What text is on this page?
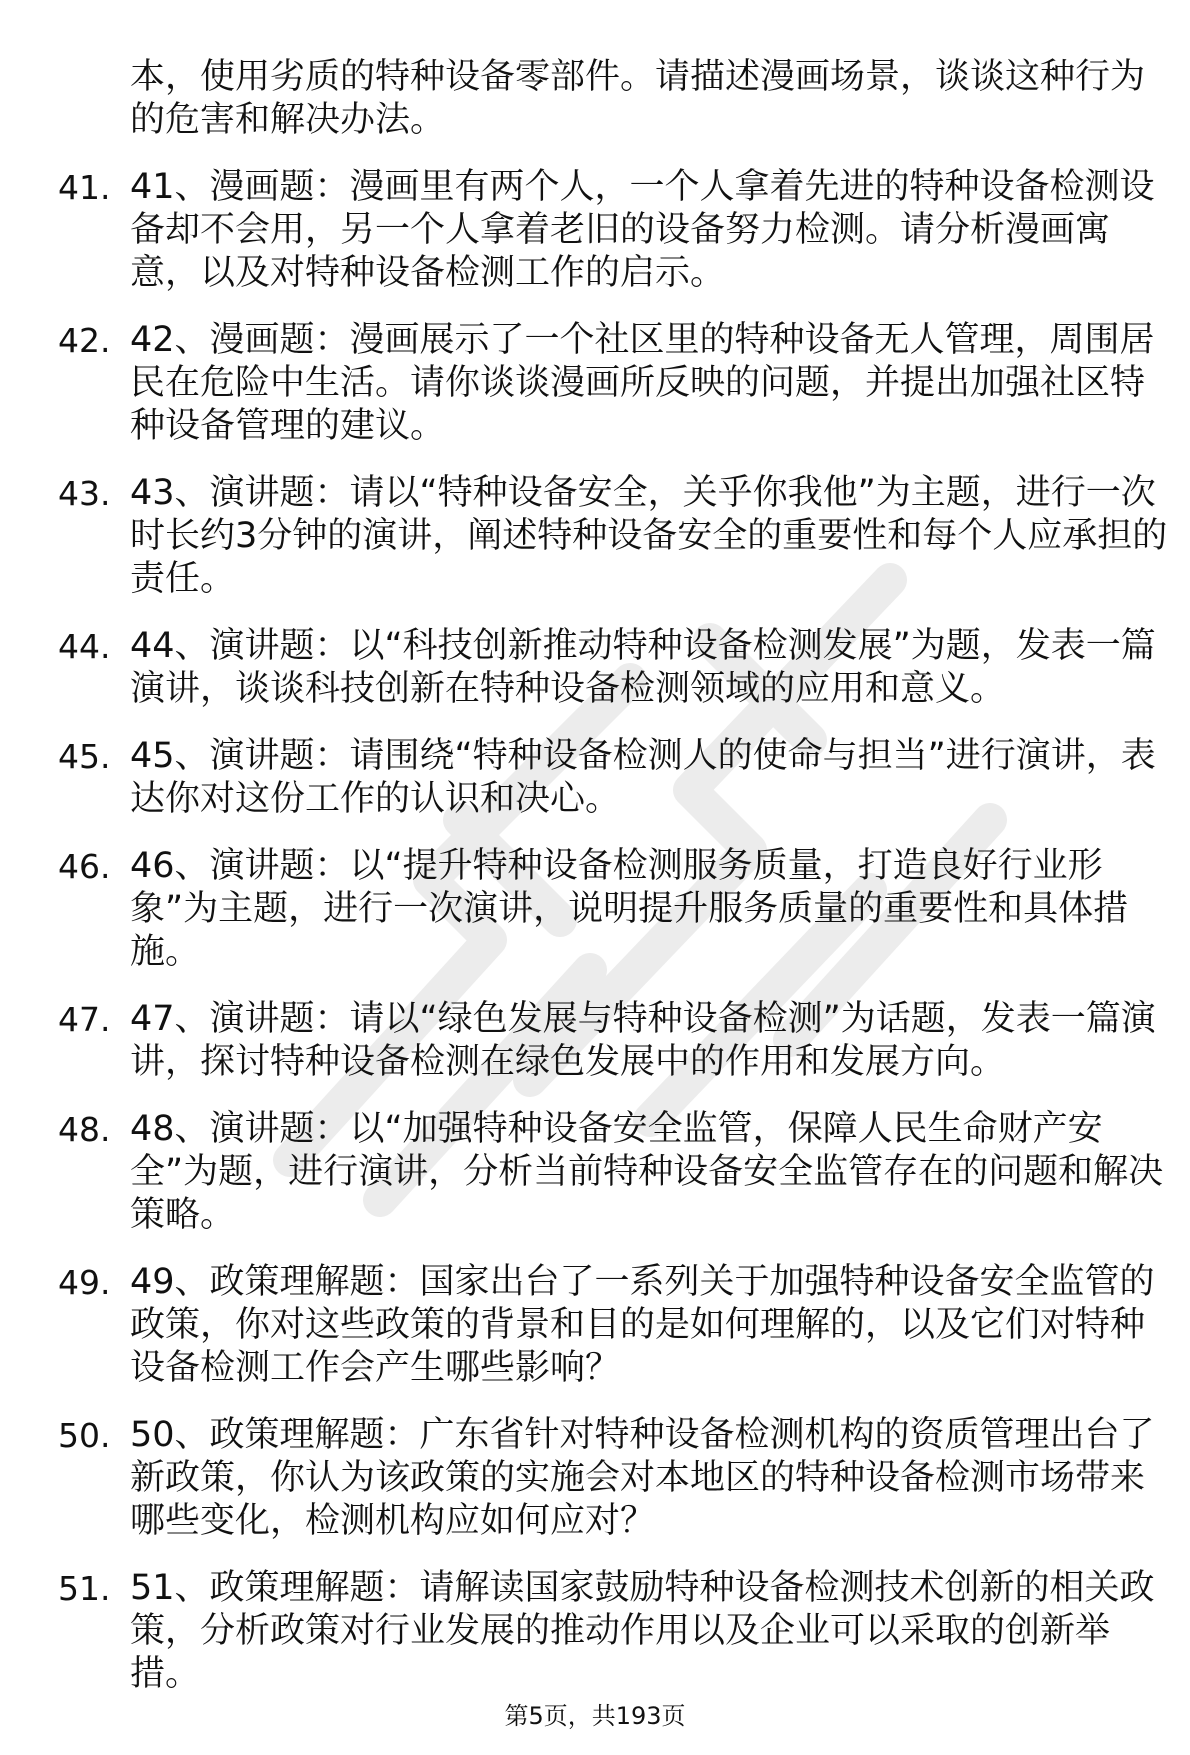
本，使用劣质的特种设备零部件。请描述漫画场景，谈谈这种行为的危害和解决办法。
41. 41、漫画题：漫画里有两个人，一个人拿着先进的特种设备检测设备却不会用，另一个人拿着老旧的设备努力检测。请分析漫画寓意，以及对特种设备检测工作的启示。
42. 42、漫画题：漫画展示了一个社区里的特种设备无人管理，周围居民在危险中生活。请你谈谈漫画所反映的问题，并提出加强社区特种设备管理的建议。
43. 43、演讲题：请以“特种设备安全，关乎你我他”为主题，进行一次时长约3分钟的演讲，阐述特种设备安全的重要性和每个人应承担的责任。
44. 44、演讲题：以“科技创新推动特种设备检测发展”为题，发表一篇演讲，谈谈科技创新在特种设备检测领域的应用和意义。
45. 45、演讲题：请围绕“特种设备检测人的使命与担当”进行演讲，表达你对这份工作的认识和决心。
46. 46、演讲题：以“提升特种设备检测服务质量，打造良好行业形象”为主题，进行一次演讲，说明提升服务质量的重要性和具体措施。
47. 47、演讲题：请以“绿色发展与特种设备检测”为话题，发表一篇演讲，探讨特种设备检测在绿色发展中的作用和发展方向。
48. 48、演讲题：以“加强特种设备安全监管，保障人民生命财产安全”为题，进行演讲，分析当前特种设备安全监管存在的问题和解决策略。
49. 49、政策理解题：国家出台了一系列关于加强特种设备安全监管的政策，你对这些政策的背景和目的是如何理解的，以及它们对特种设备检测工作会产生哪些影响？
50. 50、政策理解题：广东省针对特种设备检测机构的资质管理出台了新政策，你认为该政策的实施会对本地区的特种设备检测市场带来哪些变化，检测机构应如何应对？
51. 51、政策理解题：请解读国家鼓励特种设备检测技术创新的相关政策，分析政策对行业发展的推动作用以及企业可以采取的创新举措。
第5页，共193页
